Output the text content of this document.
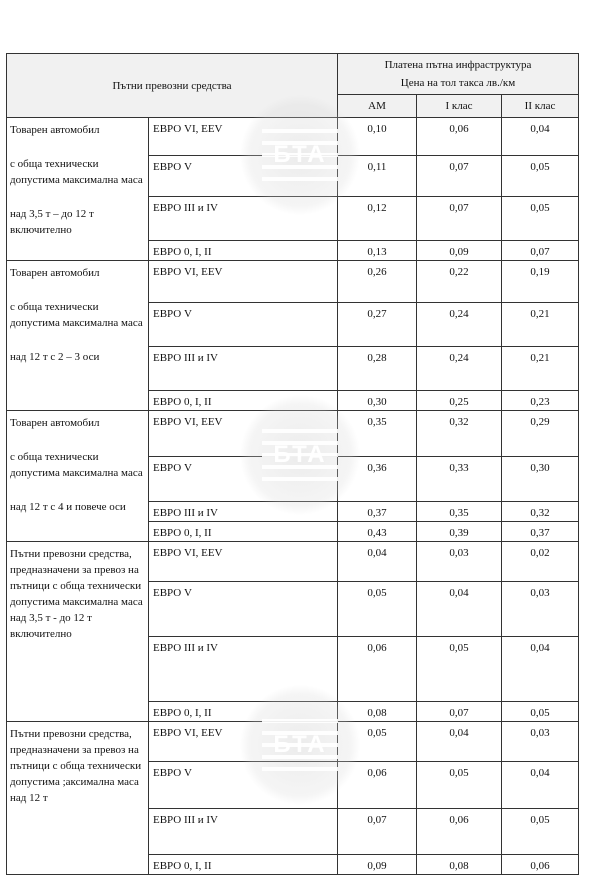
Пътни превозни средства		Платена пътна инфраструктура
Цена на тол такса лв./км		

		АМ	I клас	II клас

Товарен автомобил
с обща технически допустима максимална маса
над 3,5 т – до 12 т включително	ЕВРО VI, EEV	0,10	0,06	0,04
	ЕВРО V	0,11	0,07	0,05
	ЕВРО III и IV	0,12	0,07	0,05
	ЕВРО 0, I, II	0,13	0,09	0,07

Товарен автомобил
с обща технически допустима максимална маса
над 12 т с 2 – 3 оси	ЕВРО VI, EEV	0,26	0,22	0,19
	ЕВРО V	0,27	0,24	0,21
	ЕВРО III и IV	0,28	0,24	0,21
	ЕВРО 0, I, II	0,30	0,25	0,23

Товарен автомобил
с обща технически допустима максимална маса
над 12 т с 4 и повече оси	ЕВРО VI, EEV	0,35	0,32	0,29
	ЕВРО V	0,36	0,33	0,30
	ЕВРО III и IV	0,37	0,35	0,32
	ЕВРО 0, I, II	0,43	0,39	0,37

Пътни превозни средства, предназначени за превоз на пътници с обща технически допустима максимална маса над 3,5 т - до 12 т включително	ЕВРО VI, EEV	0,04	0,03	0,02
	ЕВРО V	0,05	0,04	0,03
	ЕВРО III и IV	0,06	0,05	0,04
	ЕВРО 0, I, II	0,08	0,07	0,05

Пътни превозни средства, предназначени за превоз на пътници с обща технически допустима ;аксимална маса над 12 т	ЕВРО VI, EEV	0,05	0,04	0,03
	ЕВРО V	0,06	0,05	0,04
	ЕВРО III и IV	0,07	0,06	0,05
	ЕВРО 0, I, II	0,09	0,08	0,06
БТА
БТА
БТА
